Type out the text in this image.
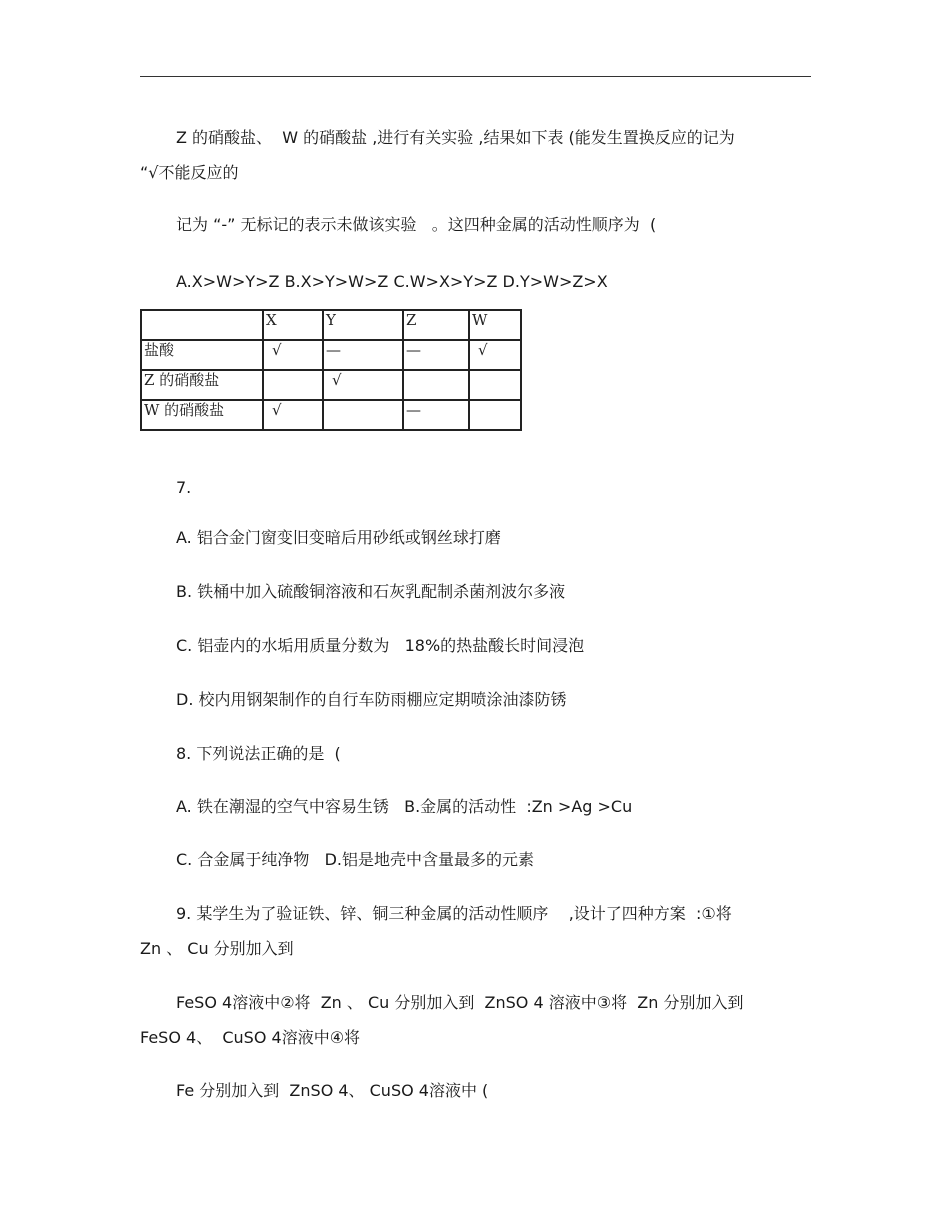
Z 的硝酸盐、  W 的硝酸盐 ,进行有关实验 ,结果如下表 (能发生置换反应的记为
“√不能反应的
记为 “-” 无标记的表示未做该实验   。这四种金属的活动性顺序为  (
A.X>W>Y>Z B.X>Y>W>Z C.W>X>Y>Z D.Y>W>Z>X
	X	Y	Z	W
盐酸	√	—	—	√
Z 的硝酸盐		√		
W 的硝酸盐	√		—	
7.
A. 铝合金门窗变旧变暗后用砂纸或钢丝球打磨
B. 铁桶中加入硫酸铜溶液和石灰乳配制杀菌剂波尔多液
C. 铝壶内的水垢用质量分数为   18%的热盐酸长时间浸泡
D. 校内用钢架制作的自行车防雨棚应定期喷涂油漆防锈
8. 下列说法正确的是  (
A. 铁在潮湿的空气中容易生锈   B.金属的活动性  :Zn >Ag >Cu
C. 合金属于纯净物   D.铝是地壳中含量最多的元素
9. 某学生为了验证铁、锌、铜三种金属的活动性顺序    ,设计了四种方案  :①将
Zn 、 Cu 分别加入到
FeSO 4溶液中②将  Zn 、 Cu 分别加入到  ZnSO 4 溶液中③将  Zn 分别加入到
FeSO 4、  CuSO 4溶液中④将
Fe 分别加入到  ZnSO 4、 CuSO 4溶液中 (
